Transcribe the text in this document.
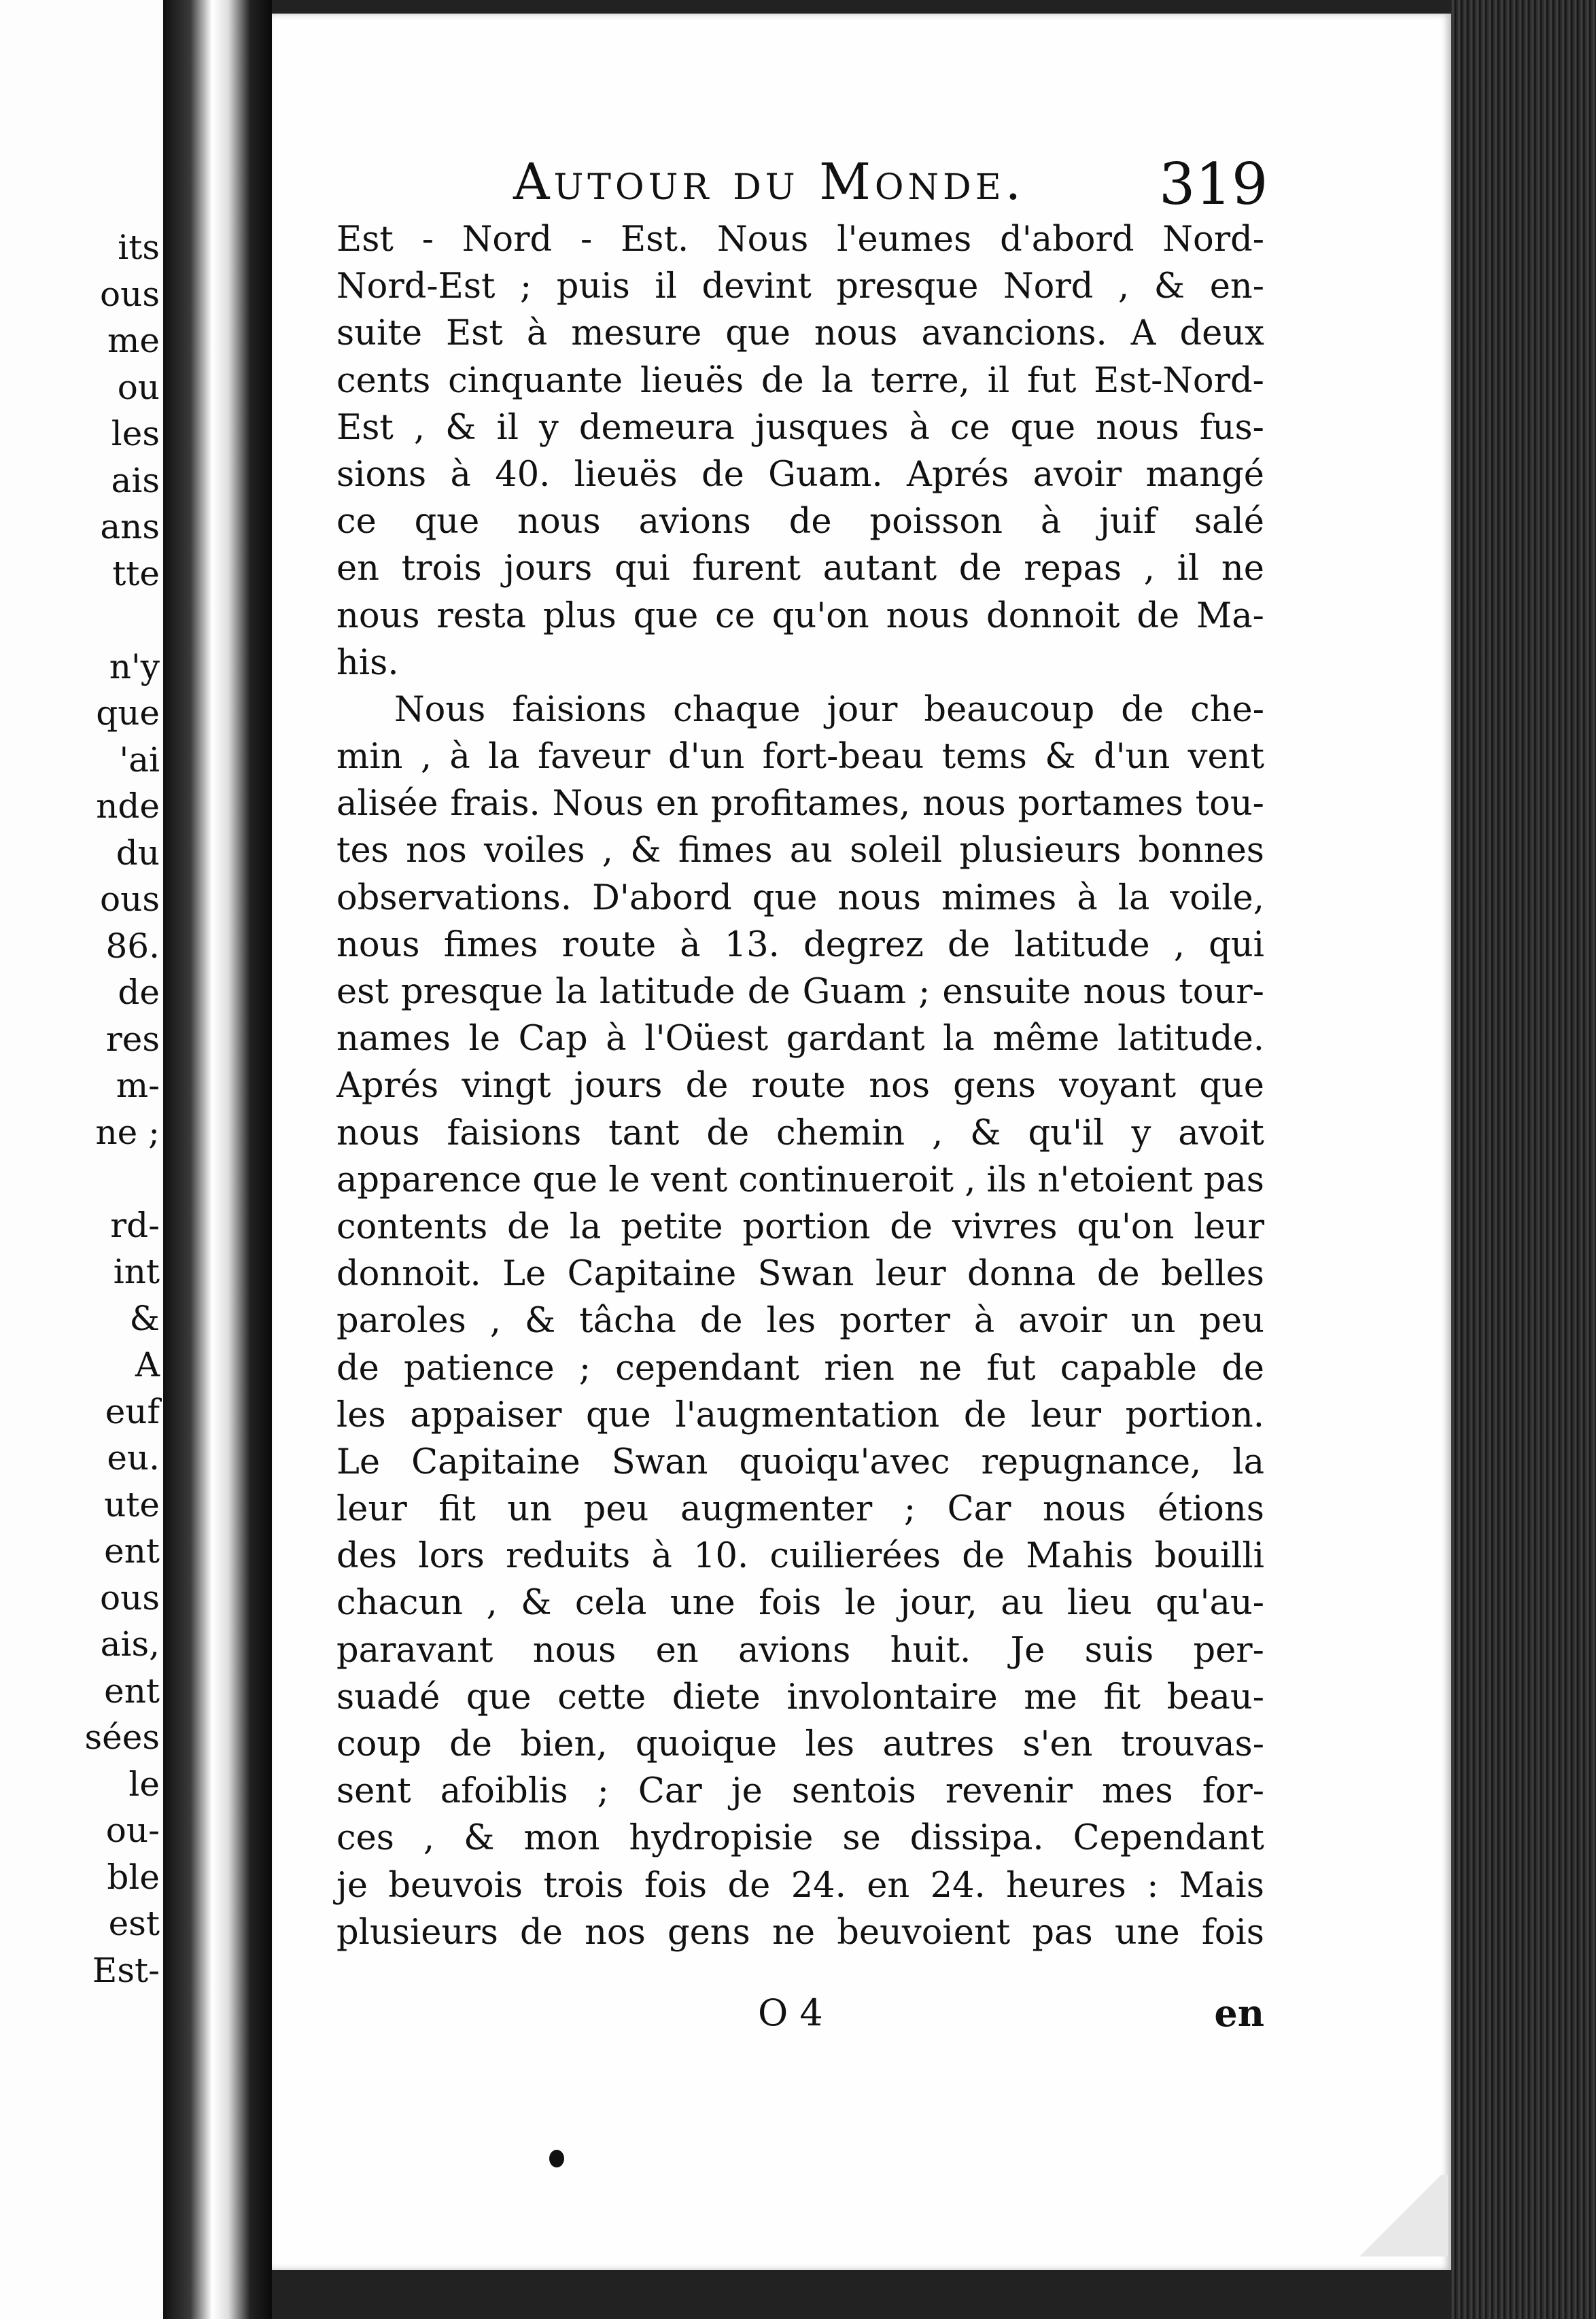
its
ous
me
ou
les
ais
ans
tte
n'y
que
'ai
nde
du
ous
86.
de
res
m-
ne ;
rd-
int
&
A
euf
eu.
ute
ent
ous
ais,
ent
sées
le
ou-
ble
est
Est-
Autour du Monde. 319
Est - Nord - Est. Nous l'eumes d'abord Nord-
Nord-Est ; puis il devint presque Nord , & en-
suite Est à mesure que nous avancions. A deux
cents cinquante lieuës de la terre, il fut Est-Nord-
Est , & il y demeura jusques à ce que nous fus-
sions à 40. lieuës de Guam. Aprés avoir mangé
ce que nous avions de poisson à juif salé
en trois jours qui furent autant de repas , il ne
nous resta plus que ce qu'on nous donnoit de Ma-
his.
Nous faisions chaque jour beaucoup de che-
min , à la faveur d'un fort-beau tems & d'un vent
alisée frais. Nous en profitames, nous portames tou-
tes nos voiles , & fimes au soleil plusieurs bonnes
observations. D'abord que nous mimes à la voile,
nous fimes route à 13. degrez de latitude , qui
est presque la latitude de Guam ; ensuite nous tour-
names le Cap à l'Oüest gardant la même latitude.
Aprés vingt jours de route nos gens voyant que
nous faisions tant de chemin , & qu'il y avoit
apparence que le vent continueroit , ils n'etoient pas
contents de la petite portion de vivres qu'on leur
donnoit. Le Capitaine Swan leur donna de belles
paroles , & tâcha de les porter à avoir un peu
de patience ; cependant rien ne fut capable de
les appaiser que l'augmentation de leur portion.
Le Capitaine Swan quoiqu'avec repugnance, la
leur fit un peu augmenter ; Car nous étions
des lors reduits à 10. cuilierées de Mahis bouilli
chacun , & cela une fois le jour, au lieu qu'au-
paravant nous en avions huit. Je suis per-
suadé que cette diete involontaire me fit beau-
coup de bien, quoique les autres s'en trouvas-
sent afoiblis ; Car je sentois revenir mes for-
ces , & mon hydropisie se dissipa. Cependant
je beuvois trois fois de 24. en 24. heures : Mais
plusieurs de nos gens ne beuvoient pas une fois
O 4	en
